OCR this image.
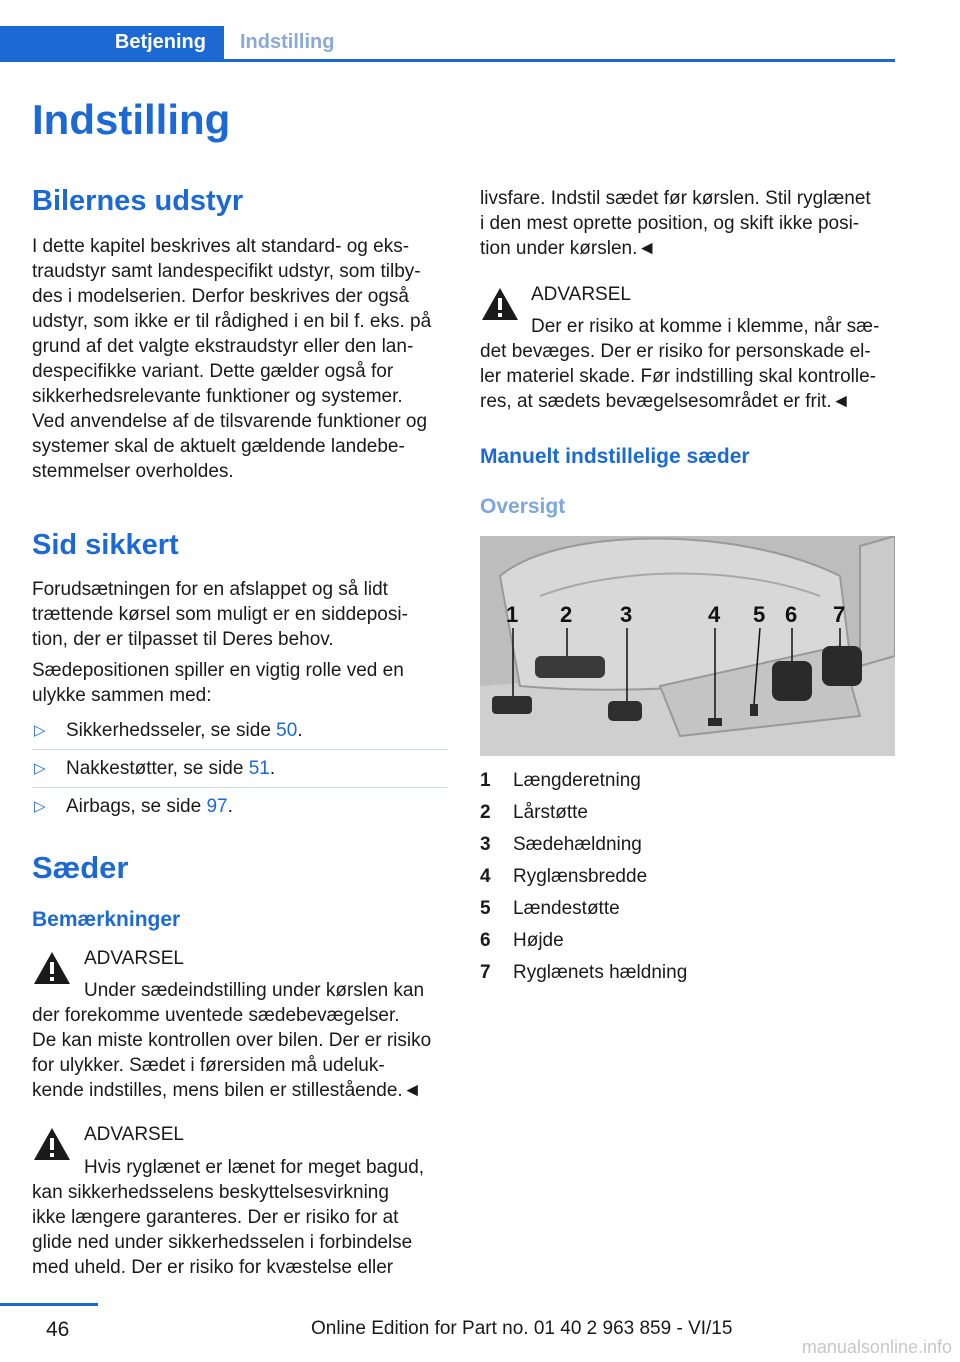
Betjening	Indstilling
Indstilling
Bilernes udstyr
I dette kapitel beskrives alt standard- og eks‐
traudstyr samt landespecifikt udstyr, som tilby‐
des i modelserien. Derfor beskrives der også
udstyr, som ikke er til rådighed i en bil f. eks. på
grund af det valgte ekstraudstyr eller den lan‐
despecifikke variant. Dette gælder også for
sikkerhedsrelevante funktioner og systemer.
Ved anvendelse af de tilsvarende funktioner og
systemer skal de aktuelt gældende landebe‐
stemmelser overholdes.
Sid sikkert
Forudsætningen for en afslappet og så lidt
trættende kørsel som muligt er en siddeposi‐
tion, der er tilpasset til Deres behov.
Sædepositionen spiller en vigtig rolle ved en
ulykke sammen med:
▷ Sikkerhedsseler, se side 50.
▷ Nakkestøtter, se side 51.
▷ Airbags, se side 97.
Sæder
Bemærkninger
ADVARSEL
Under sædeindstilling under kørslen kan
der forekomme uventede sædebevægelser.
De kan miste kontrollen over bilen. Der er risiko
for ulykker. Sædet i førersiden må udeluk‐
kende indstilles, mens bilen er stillestående.◄
ADVARSEL
Hvis ryglænet er lænet for meget bagud,
kan sikkerhedsselens beskyttelsesvirkning
ikke længere garanteres. Der er risiko for at
glide ned under sikkerhedsselen i forbindelse
med uheld. Der er risiko for kvæstelse eller
livsfare. Indstil sædet før kørslen. Stil ryglænet
i den mest oprette position, og skift ikke posi‐
tion under kørslen.◄
ADVARSEL
Der er risiko at komme i klemme, når sæ‐
det bevæges. Der er risiko for personskade el‐
ler materiel skade. Før indstilling skal kontrolle‐
res, at sædets bevægelsesområdet er frit.◄
Manuelt indstillelige sæder
Oversigt
1 2 3	4 5 6 7
1 Længderetning
2 Lårstøtte
3 Sædehældning
4 Ryglænsbredde
5 Lændestøtte
6 Højde
7 Ryglænets hældning
46	Online Edition for Part no. 01 40 2 963 859 - VI/15
manualsonline.info
